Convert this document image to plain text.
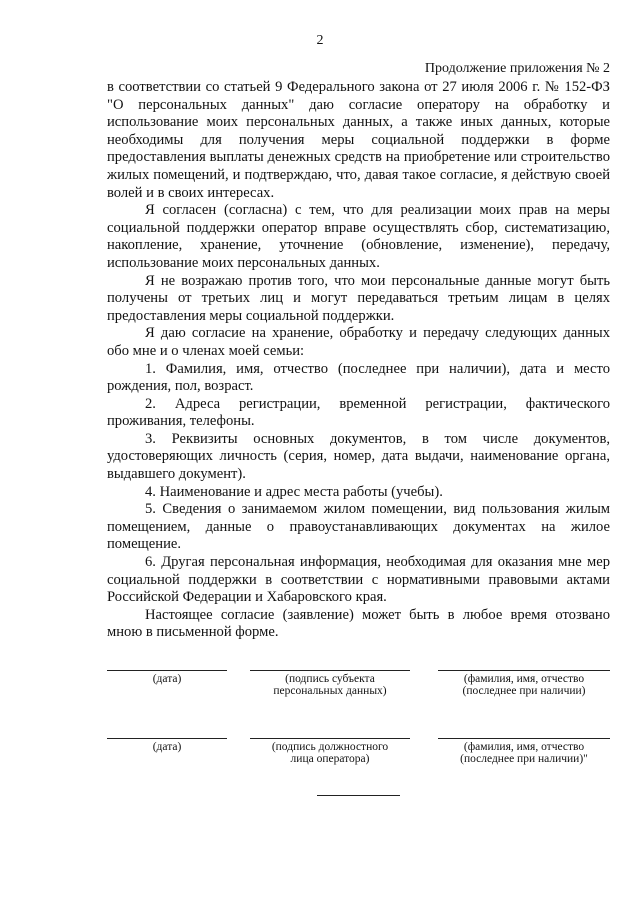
2
Продолжение приложения № 2

в соответствии со статьей 9 Федерального закона от 27 июля 2006 г. № 152-ФЗ "О персональных данных" даю согласие оператору на обработку и использование моих персональных данных, а также иных данных, которые необходимы для получения меры социальной поддержки в форме предоставления выплаты денежных средств на приобретение или строительство жилых помещений, и подтверждаю, что, давая такое согласие, я действую своей волей и в своих интересах.

Я согласен (согласна) с тем, что для реализации моих прав на меры социальной поддержки оператор вправе осуществлять сбор, систематизацию, накопление, хранение, уточнение (обновление, изменение), передачу, использование моих персональных данных.

Я не возражаю против того, что мои персональные данные могут быть получены от третьих лиц и могут передаваться третьим лицам в целях предоставления меры социальной поддержки.

Я даю согласие на хранение, обработку и передачу следующих данных обо мне и о членах моей семьи:

1. Фамилия, имя, отчество (последнее при наличии), дата и место рождения, пол, возраст.

2. Адреса регистрации, временной регистрации, фактического проживания, телефоны.

3. Реквизиты основных документов, в том числе документов, удостоверяющих личность (серия, номер, дата выдачи, наименование органа, выдавшего документ).

4. Наименование и адрес места работы (учебы).

5. Сведения о занимаемом жилом помещении, вид пользования жилым помещением, данные о правоустанавливающих документах на жилое помещение.

6. Другая персональная информация, необходимая для оказания мне мер социальной поддержки в соответствии с нормативными правовыми актами Российской Федерации и Хабаровского края.

Настоящее согласие (заявление) может быть в любое время отозвано мною в письменной форме.

(дата)	(подпись субъекта
персональных данных)
(фамилия, имя, отчество
(последнее при наличии)
(дата)	(подпись должностного
лица оператора)
(фамилия, имя, отчество
(последнее при наличии)"
